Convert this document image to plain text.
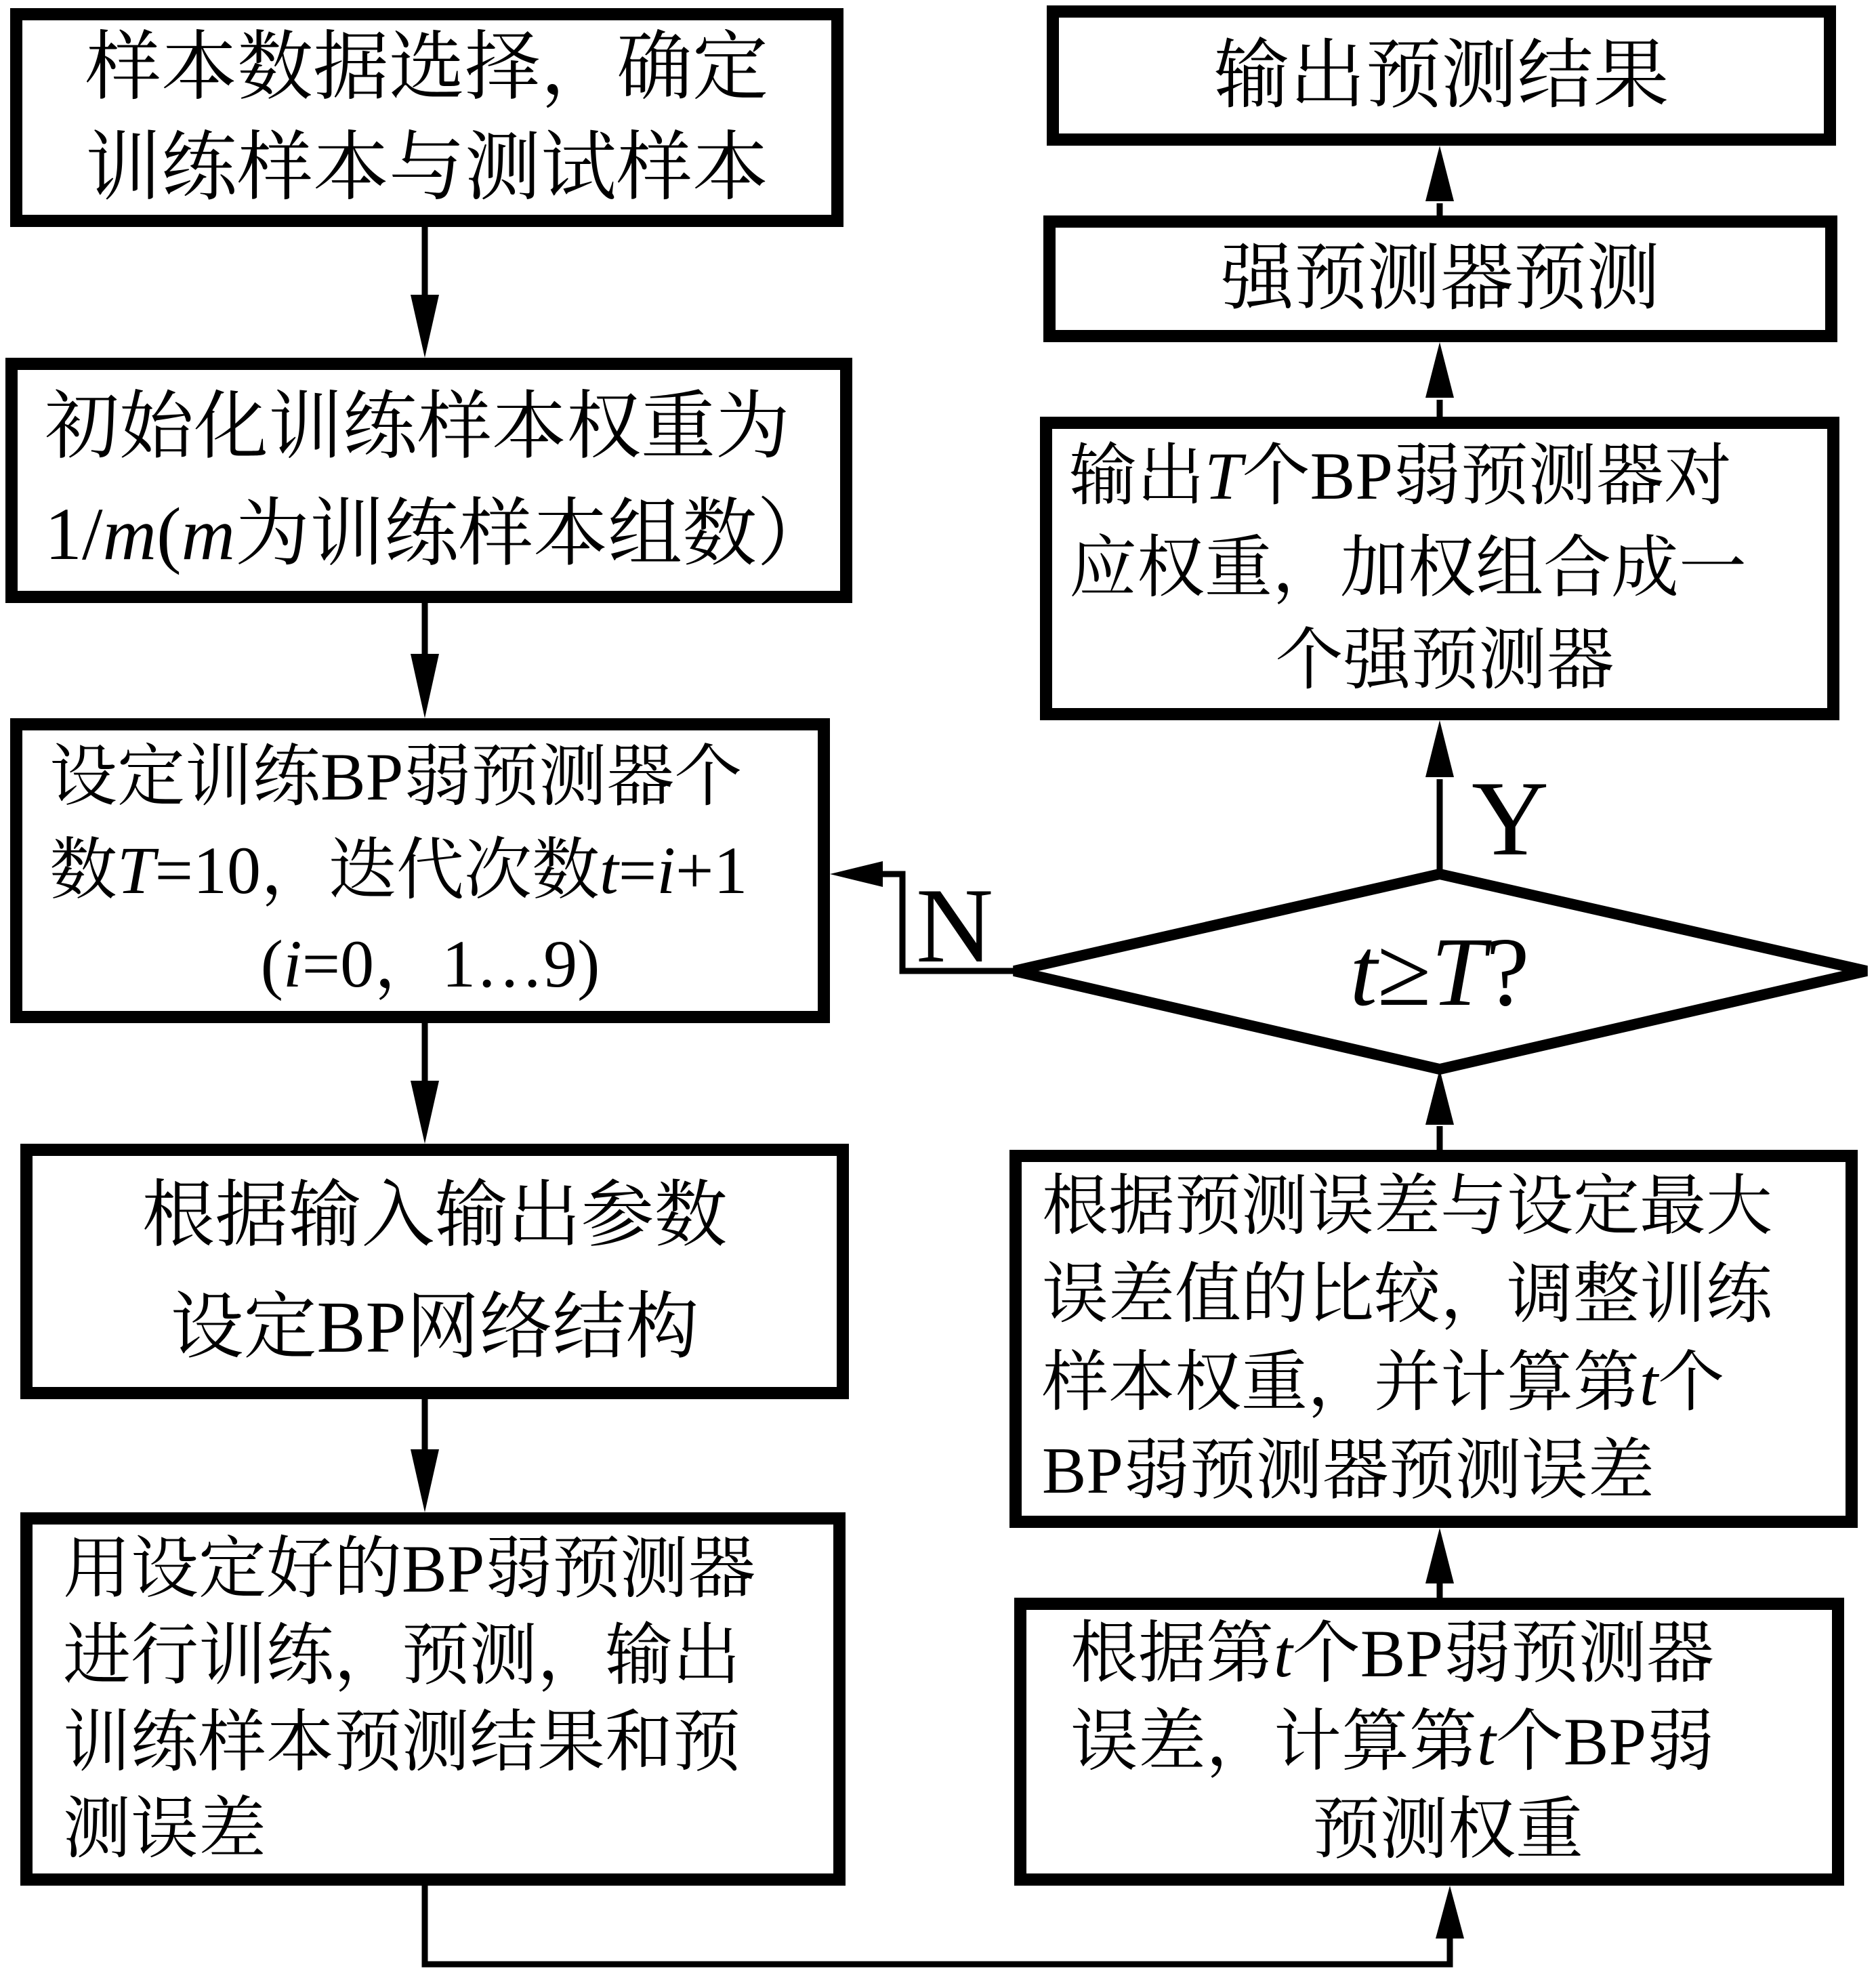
样本数据选择，确定
训练样本与测试样本
初始化训练样本权重为
1/m(m为训练样本组数）
设定训练BP弱预测器个
数T=10，迭代次数t=i+1
(i=0，1…9)
根据输入输出参数
设定BP网络结构
用设定好的BP弱预测器
进行训练，预测，输出
训练样本预测结果和预
测误差
输出预测结果
强预测器预测
输出T个BP弱预测器对
应权重，加权组合成一
个强预测器
根据预测误差与设定最大
误差值的比较，调整训练
样本权重，并计算第t个
BP弱预测器预测误差
根据第t个BP弱预测器
误差，计算第t个BP弱
预测权重
t ≥ T ?
Y
N
